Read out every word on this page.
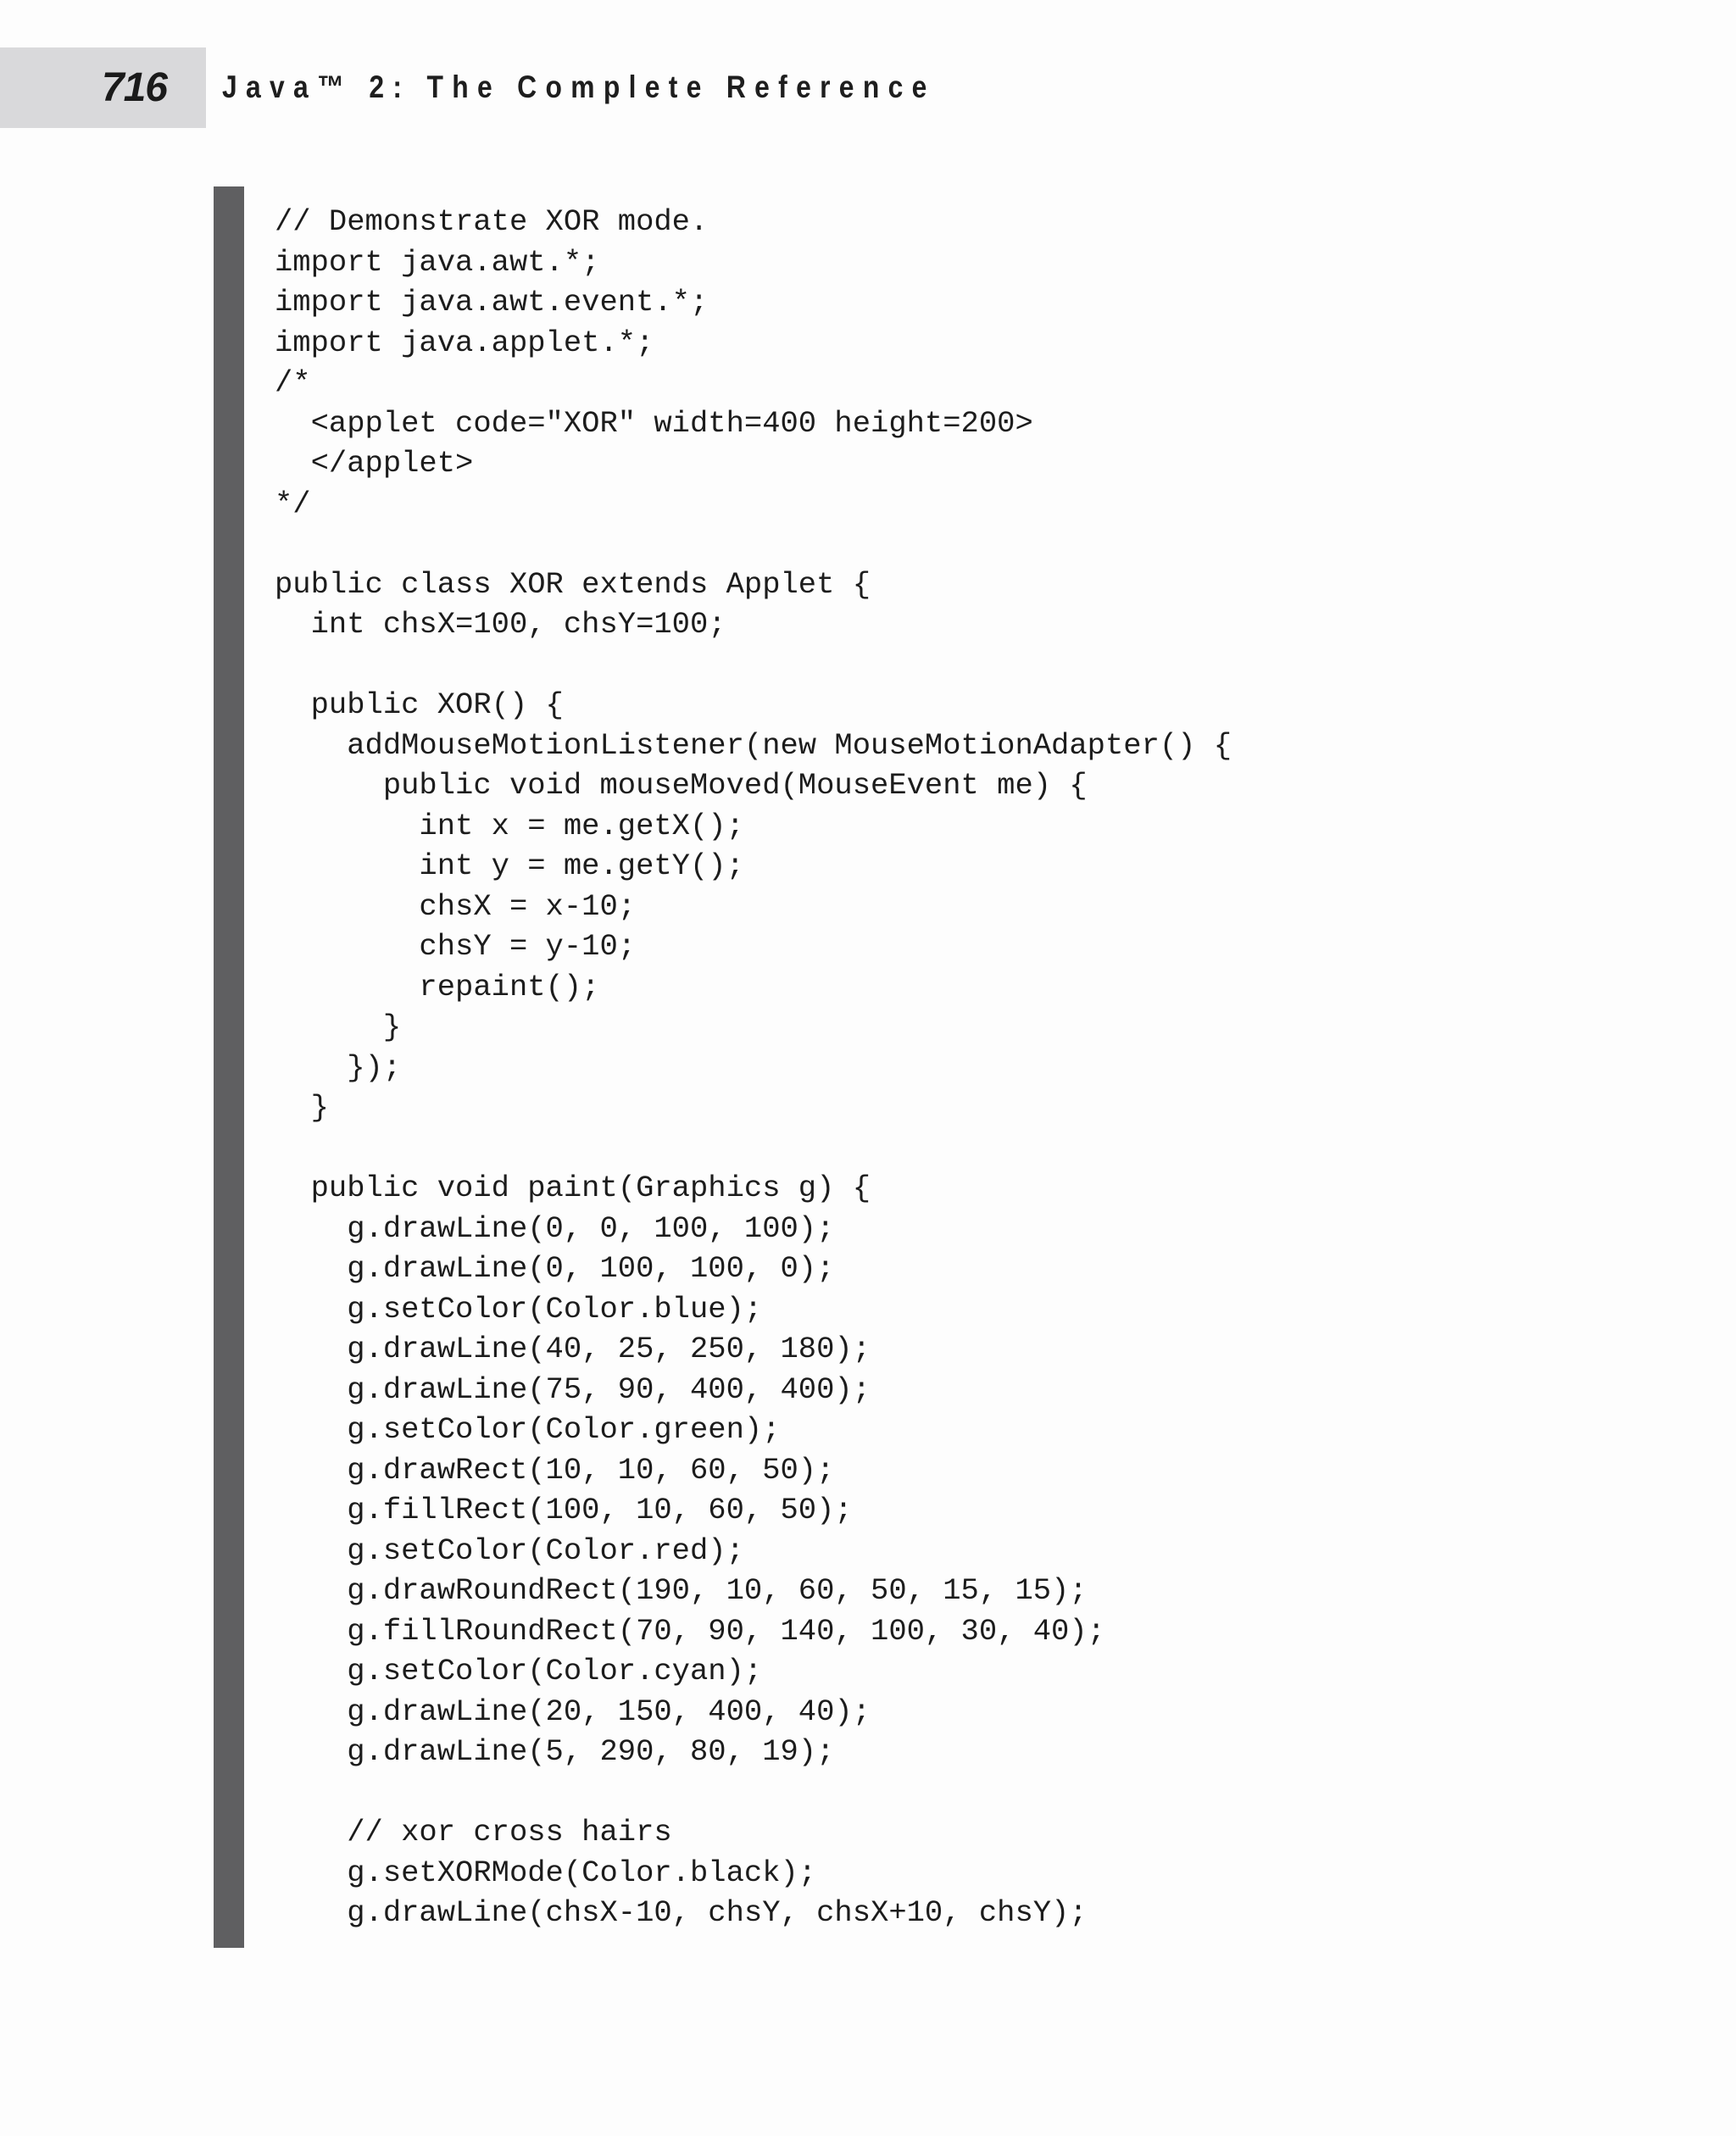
716 Java™ 2: The Complete Reference
// Demonstrate XOR mode.
import java.awt.*;
import java.awt.event.*;
import java.applet.*;
/*
<applet code="XOR" width=400 height=200>
</applet>
*/
public class XOR extends Applet {
int chsX=100, chsY=100;
public XOR() {
addMouseMotionListener(new MouseMotionAdapter() {
public void mouseMoved(MouseEvent me) {
int x = me.getX();
int y = me.getY();
chsX = x-10;
chsY = y-10;
repaint();
}
});
}
public void paint(Graphics g) {
g.drawLine(0, 0, 100, 100);
g.drawLine(0, 100, 100, 0);
g.setColor(Color.blue);
g.drawLine(40, 25, 250, 180);
g.drawLine(75, 90, 400, 400);
g.setColor(Color.green);
g.drawRect(10, 10, 60, 50);
g.fillRect(100, 10, 60, 50);
g.setColor(Color.red);
g.drawRoundRect(190, 10, 60, 50, 15, 15);
g.fillRoundRect(70, 90, 140, 100, 30, 40);
g.setColor(Color.cyan);
g.drawLine(20, 150, 400, 40);
g.drawLine(5, 290, 80, 19);
// xor cross hairs
g.setXORMode(Color.black);
g.drawLine(chsX-10, chsY, chsX+10, chsY);
